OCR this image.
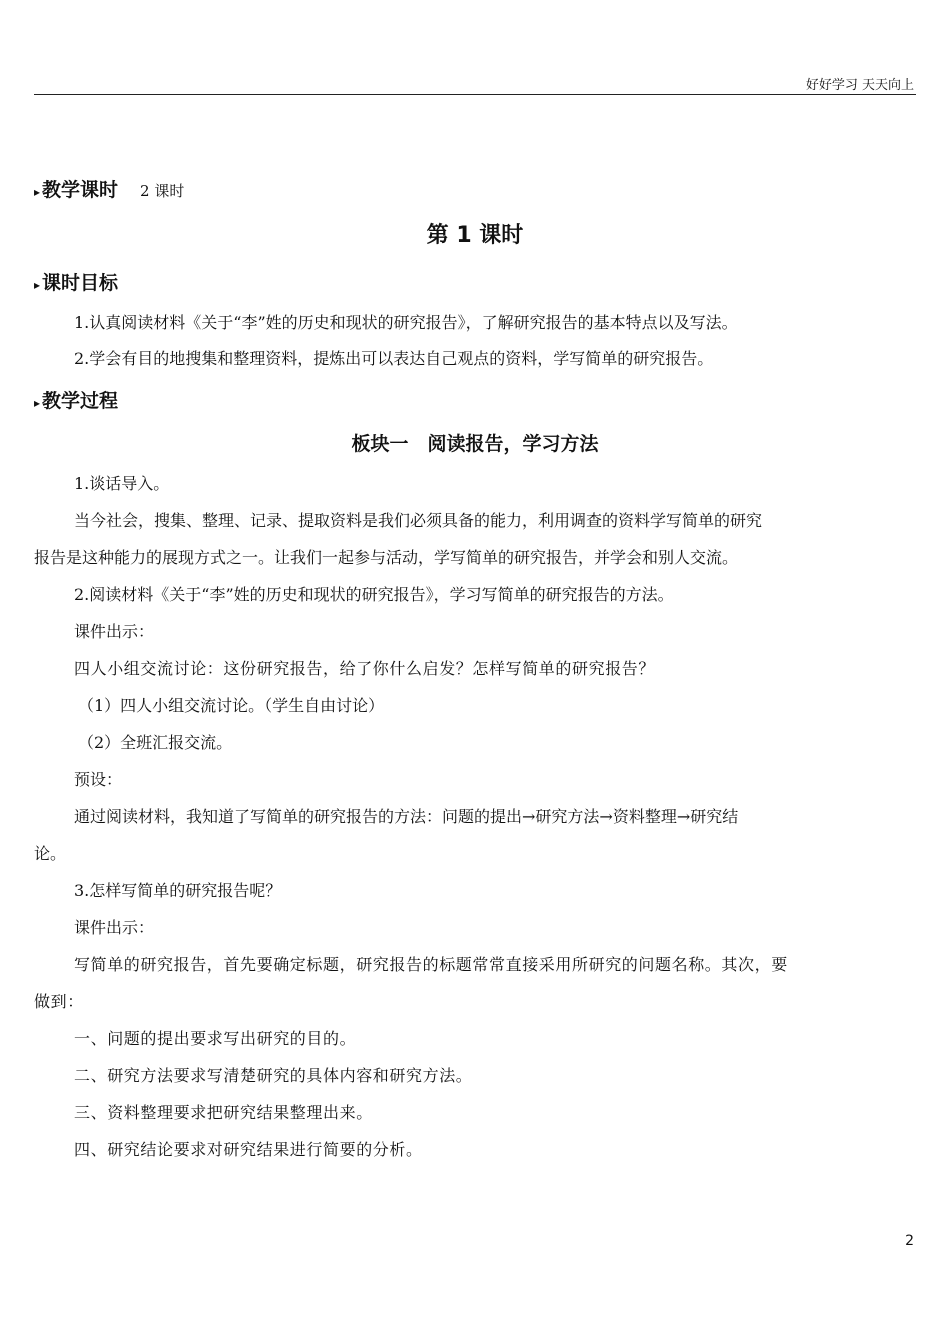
好好学习 天天向上
▸ 教学课时 2 课时
第 1 课时
▸ 课时目标
1.认真阅读材料《关于“李”姓的历史和现状的研究报告》，了解研究报告的基本特点以及写法。
2.学会有目的地搜集和整理资料，提炼出可以表达自己观点的资料，学写简单的研究报告。
▸ 教学过程
板块一　阅读报告，学习方法
1.谈话导入。
当今社会，搜集、整理、记录、提取资料是我们必须具备的能力，利用调查的资料学写简单的研究
报告是这种能力的展现方式之一。让我们一起参与活动，学写简单的研究报告，并学会和别人交流。
2.阅读材料《关于“李”姓的历史和现状的研究报告》，学习写简单的研究报告的方法。
课件出示：
四人小组交流讨论：这份研究报告，给了你什么启发？怎样写简单的研究报告？
（1）四人小组交流讨论。（学生自由讨论）
（2）全班汇报交流。
预设：
通过阅读材料，我知道了写简单的研究报告的方法：问题的提出→研究方法→资料整理→研究结
论。
3.怎样写简单的研究报告呢？
课件出示：
写简单的研究报告，首先要确定标题，研究报告的标题常常直接采用所研究的问题名称。其次，要
做到：
一、问题的提出要求写出研究的目的。
二、研究方法要求写清楚研究的具体内容和研究方法。
三、资料整理要求把研究结果整理出来。
四、研究结论要求对研究结果进行简要的分析。
2
